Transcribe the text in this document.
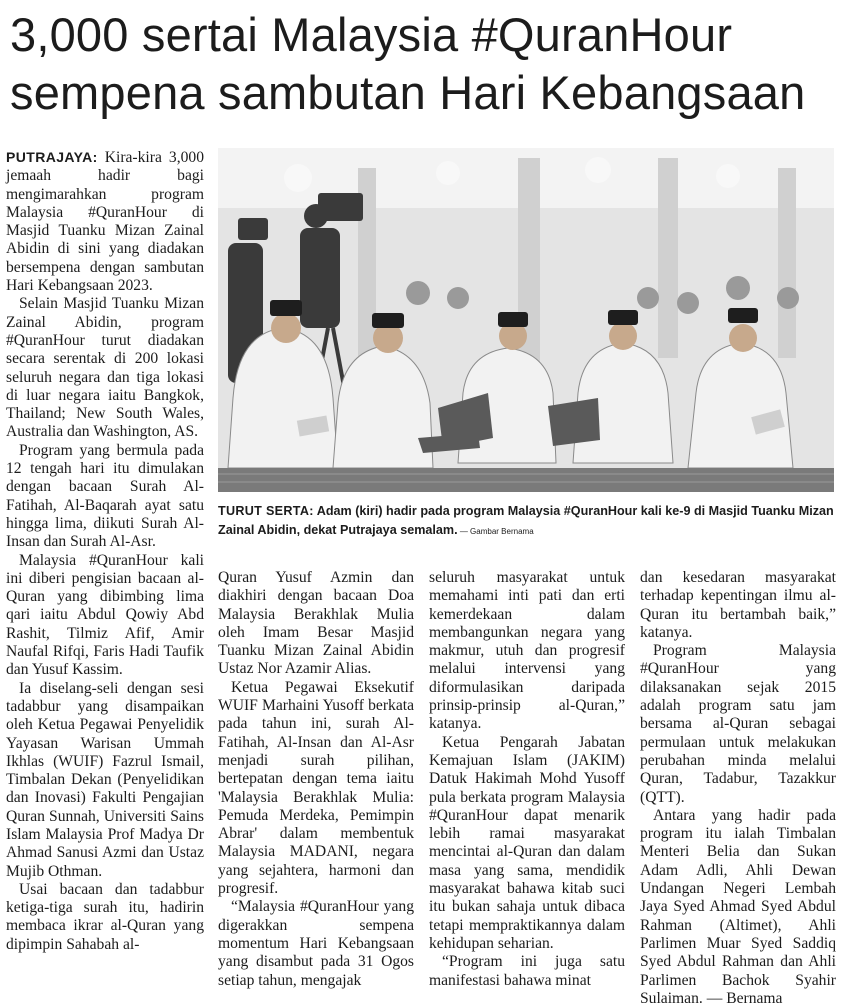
3,000 sertai Malaysia #QuranHour
sempena sambutan Hari Kebangsaan

PUTRAJAYA: Kira-kira 3,000 jemaah hadir bagi mengimarahkan program Malaysia #QuranHour di Masjid Tuanku Mizan Zainal Abidin di sini yang diadakan bersempena dengan sambutan Hari Kebangsaan 2023.

Selain Masjid Tuanku Mizan Zainal Abidin, program #QuranHour turut diadakan secara serentak di 200 lokasi seluruh negara dan tiga lokasi di luar negara iaitu Bangkok, Thailand; New South Wales, Australia dan Washington, AS.

Program yang bermula pada 12 tengah hari itu dimulakan dengan bacaan Surah Al-Fatihah, Al-Baqarah ayat satu hingga lima, diikuti Surah Al-Insan dan Surah Al-Asr.

Malaysia #QuranHour kali ini diberi pengisian bacaan al-Quran yang dibimbing lima qari iaitu Abdul Qowiy Abd Rashit, Tilmiz Afif, Amir Naufal Rifqi, Faris Hadi Taufik dan Yusuf Kassim.

Ia diselang-seli dengan sesi tadabbur yang disampaikan oleh Ketua Pegawai Penyelidik Yayasan Warisan Ummah Ikhlas (WUIF) Fazrul Ismail, Timbalan Dekan (Penyelidikan dan Inovasi) Fakulti Pengajian Quran Sunnah, Universiti Sains Islam Malaysia Prof Madya Dr Ahmad Sanusi Azmi dan Ustaz Mujib Othman.

Usai bacaan dan tadabbur ketiga-tiga surah itu, hadirin membaca ikrar al-Quran yang dipimpin Sahabah al-

TURUT SERTA: Adam (kiri) hadir pada program Malaysia #QuranHour kali ke-9 di Masjid Tuanku Mizan Zainal Abidin, dekat Putrajaya semalam. — Gambar Bernama

Quran Yusuf Azmin dan diakhiri dengan bacaan Doa Malaysia Berakhlak Mulia oleh Imam Besar Masjid Tuanku Mizan Zainal Abidin Ustaz Nor Azamir Alias.

Ketua Pegawai Eksekutif WUIF Marhaini Yusoff berkata pada tahun ini, surah Al-Fatihah, Al-Insan dan Al-Asr menjadi surah pilihan, bertepatan dengan tema iaitu 'Malaysia Berakhlak Mulia: Pemuda Merdeka, Pemimpin Abrar' dalam membentuk Malaysia MADANI, negara yang sejahtera, harmoni dan progresif.

“Malaysia #QuranHour yang digerakkan sempena momentum Hari Kebangsaan yang disambut pada 31 Ogos setiap tahun, mengajak

seluruh masyarakat untuk memahami inti pati dan erti kemerdekaan dalam membangunkan negara yang makmur, utuh dan progresif melalui intervensi yang diformulasikan daripada prinsip-prinsip al-Quran,” katanya.

Ketua Pengarah Jabatan Kemajuan Islam (JAKIM) Datuk Hakimah Mohd Yusoff pula berkata program Malaysia #QuranHour dapat menarik lebih ramai masyarakat mencintai al-Quran dan dalam masa yang sama, mendidik masyarakat bahawa kitab suci itu bukan sahaja untuk dibaca tetapi mempraktikannya dalam kehidupan seharian.

“Program ini juga satu manifestasi bahawa minat

dan kesedaran masyarakat terhadap kepentingan ilmu al-Quran itu bertambah baik,” katanya.

Program Malaysia #QuranHour yang dilaksanakan sejak 2015 adalah program satu jam bersama al-Quran sebagai permulaan untuk melakukan perubahan minda melalui Quran, Tadabur, Tazakkur (QTT).

Antara yang hadir pada program itu ialah Timbalan Menteri Belia dan Sukan Adam Adli, Ahli Dewan Undangan Negeri Lembah Jaya Syed Ahmad Syed Abdul Rahman (Altimet), Ahli Parlimen Muar Syed Saddiq Syed Abdul Rahman dan Ahli Parlimen Bachok Syahir Sulaiman. — Bernama
